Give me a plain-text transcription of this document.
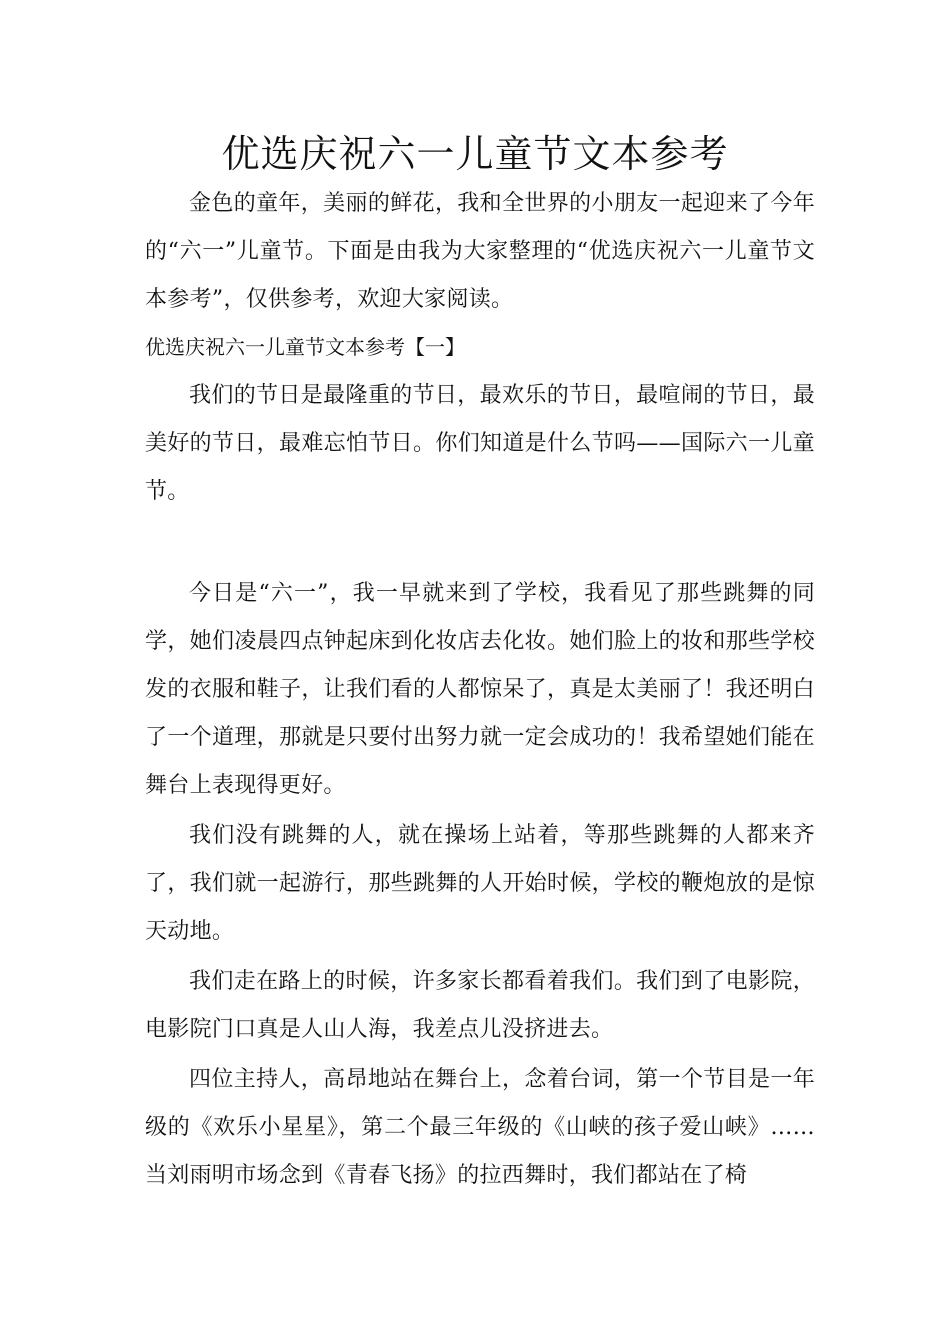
优选庆祝六一儿童节文本参考

金色的童年，美丽的鲜花，我和全世界的小朋友一起迎来了今年的“六一”儿童节。下面是由我为大家整理的“优选庆祝六一儿童节文本参考”，仅供参考，欢迎大家阅读。

优选庆祝六一儿童节文本参考【一】

我们的节日是最隆重的节日，最欢乐的节日，最喧闹的节日，最美好的节日，最难忘怕节日。你们知道是什么节吗——国际六一儿童节。

今日是“六一”，我一早就来到了学校，我看见了那些跳舞的同学，她们凌晨四点钟起床到化妆店去化妆。她们脸上的妆和那些学校发的衣服和鞋子，让我们看的人都惊呆了，真是太美丽了！我还明白了一个道理，那就是只要付出努力就一定会成功的！我希望她们能在舞台上表现得更好。

我们没有跳舞的人，就在操场上站着，等那些跳舞的人都来齐了，我们就一起游行，那些跳舞的人开始时候，学校的鞭炮放的是惊天动地。

我们走在路上的时候，许多家长都看着我们。我们到了电影院，电影院门口真是人山人海，我差点儿没挤进去。

四位主持人，高昂地站在舞台上，念着台词，第一个节目是一年级的《欢乐小星星》，第二个最三年级的《山峡的孩子爱山峡》……当刘雨明市场念到《青春飞扬》的拉西舞时，我们都站在了椅
